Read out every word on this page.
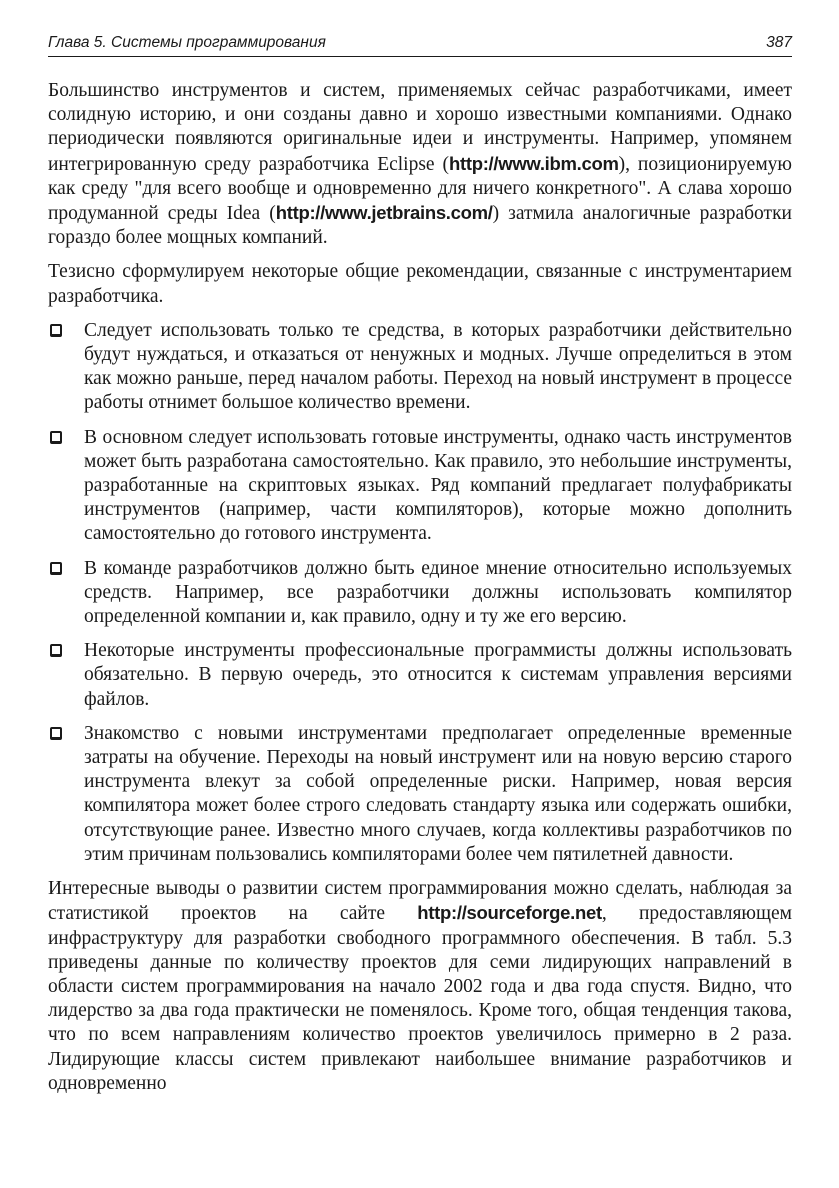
Глава 5. Системы программирования	387

Большинство инструментов и систем, применяемых сейчас разработчиками, имеет солидную историю, и они созданы давно и хорошо известными компаниями. Однако периодически появляются оригинальные идеи и инструменты. Например, упомянем интегрированную среду разработчика Eclipse (http://www.ibm.com), позиционируемую как среду "для всего вообще и одновременно для ничего конкретного". А слава хорошо продуманной среды Idea (http://www.jetbrains.com/) затмила аналогичные разработки гораздо более мощных компаний.

Тезисно сформулируем некоторые общие рекомендации, связанные с инструментарием разработчика.

Следует использовать только те средства, в которых разработчики действительно будут нуждаться, и отказаться от ненужных и модных. Лучше определиться в этом как можно раньше, перед началом работы. Переход на новый инструмент в процессе работы отнимет большое количество времени.
В основном следует использовать готовые инструменты, однако часть инструментов может быть разработана самостоятельно. Как правило, это небольшие инструменты, разработанные на скриптовых языках. Ряд компаний предлагает полуфабрикаты инструментов (например, части компиляторов), которые можно дополнить самостоятельно до готового инструмента.
В команде разработчиков должно быть единое мнение относительно используемых средств. Например, все разработчики должны использовать компилятор определенной компании и, как правило, одну и ту же его версию.
Некоторые инструменты профессиональные программисты должны использовать обязательно. В первую очередь, это относится к системам управления версиями файлов.
Знакомство с новыми инструментами предполагает определенные временные затраты на обучение. Переходы на новый инструмент или на новую версию старого инструмента влекут за собой определенные риски. Например, новая версия компилятора может более строго следовать стандарту языка или содержать ошибки, отсутствующие ранее. Известно много случаев, когда коллективы разработчиков по этим причинам пользовались компиляторами более чем пятилетней давности.

Интересные выводы о развитии систем программирования можно сделать, наблюдая за статистикой проектов на сайте http://sourceforge.net, предоставляющем инфраструктуру для разработки свободного программного обеспечения. В табл. 5.3 приведены данные по количеству проектов для семи лидирующих направлений в области систем программирования на начало 2002 года и два года спустя. Видно, что лидерство за два года практически не поменялось. Кроме того, общая тенденция такова, что по всем направлениям количество проектов увеличилось примерно в 2 раза. Лидирующие классы систем привлекают наибольшее внимание разработчиков и одновременно
